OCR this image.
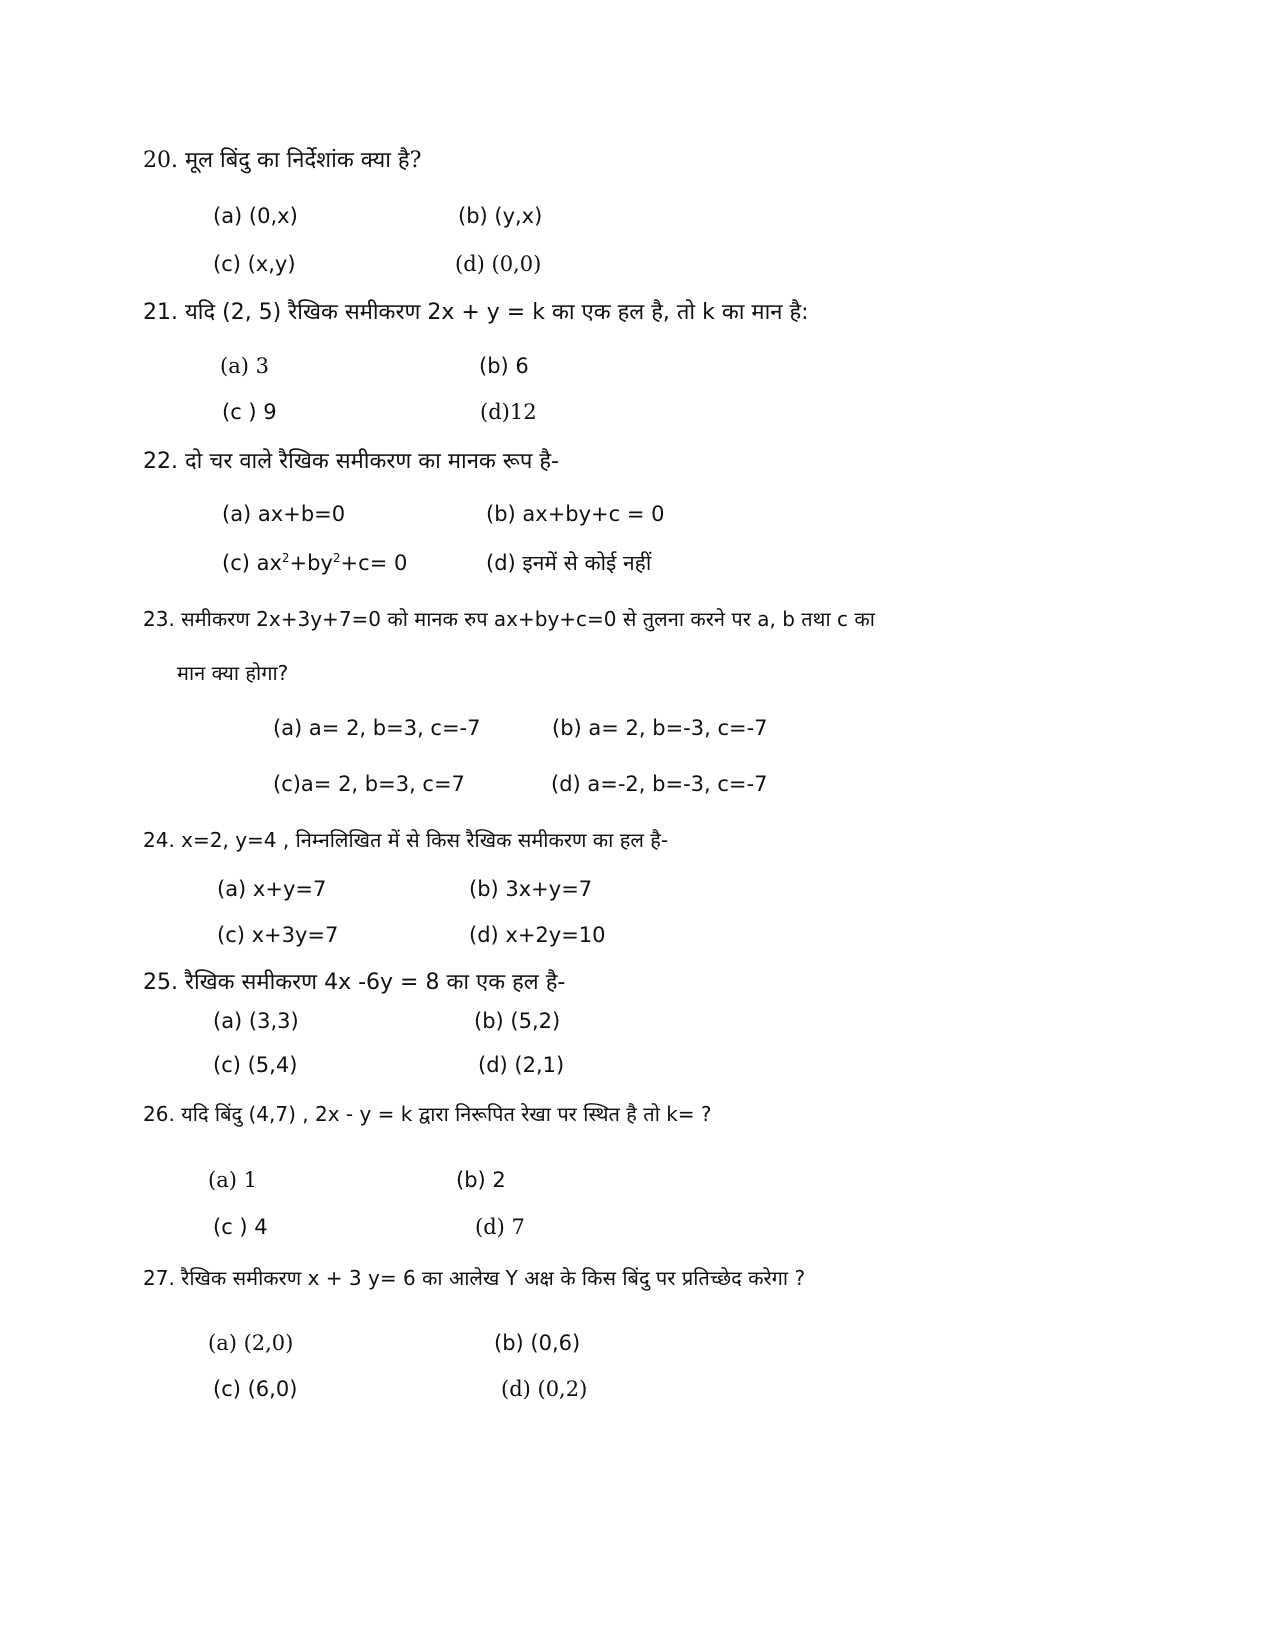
20. मूल बिंदु का निर्देशांक क्या है?
(a) (0,x)	(b) (y,x)
(c) (x,y)	(d) (0,0)
21. यदि (2, 5) रैखिक समीकरण 2x + y = k का एक हल है, तो k का मान है:
(a) 3	(b) 6
(c ) 9	(d)12
22. दो चर वाले रैखिक समीकरण का मानक रूप है-
(a) ax+b=0	(b) ax+by+c = 0
(c) $ax^2+by^2+c= 0$	(d) इनमें से कोई नहीं
23. समीकरण 2x+3y+7=0 को मानक रुप ax+by+c=0 से तुलना करने पर a, b तथा c का
मान क्या होगा?
(a) a= 2, b=3, c=-7	(b) a= 2, b=-3, c=-7
(c)a= 2, b=3, c=7	(d) a=-2, b=-3, c=-7
24. x=2, y=4 , निम्नलिखित में से किस रैखिक समीकरण का हल है-
(a) x+y=7	(b) 3x+y=7
(c) x+3y=7	(d) x+2y=10
25. रैखिक समीकरण 4x -6y = 8 का एक हल है-
(a) (3,3)	(b) (5,2)
(c) (5,4)	(d) (2,1)
26. यदि बिंदु (4,7) , 2x - y = k द्वारा निरूपित रेखा पर स्थित है तो k= ?
(a) 1	(b) 2
(c ) 4	(d) 7
27. रैखिक समीकरण x + 3 y= 6 का आलेख Y अक्ष के किस बिंदु पर प्रतिच्छेद करेगा ?
(a) (2,0)	(b) (0,6)
(c) (6,0)	(d) (0,2)
